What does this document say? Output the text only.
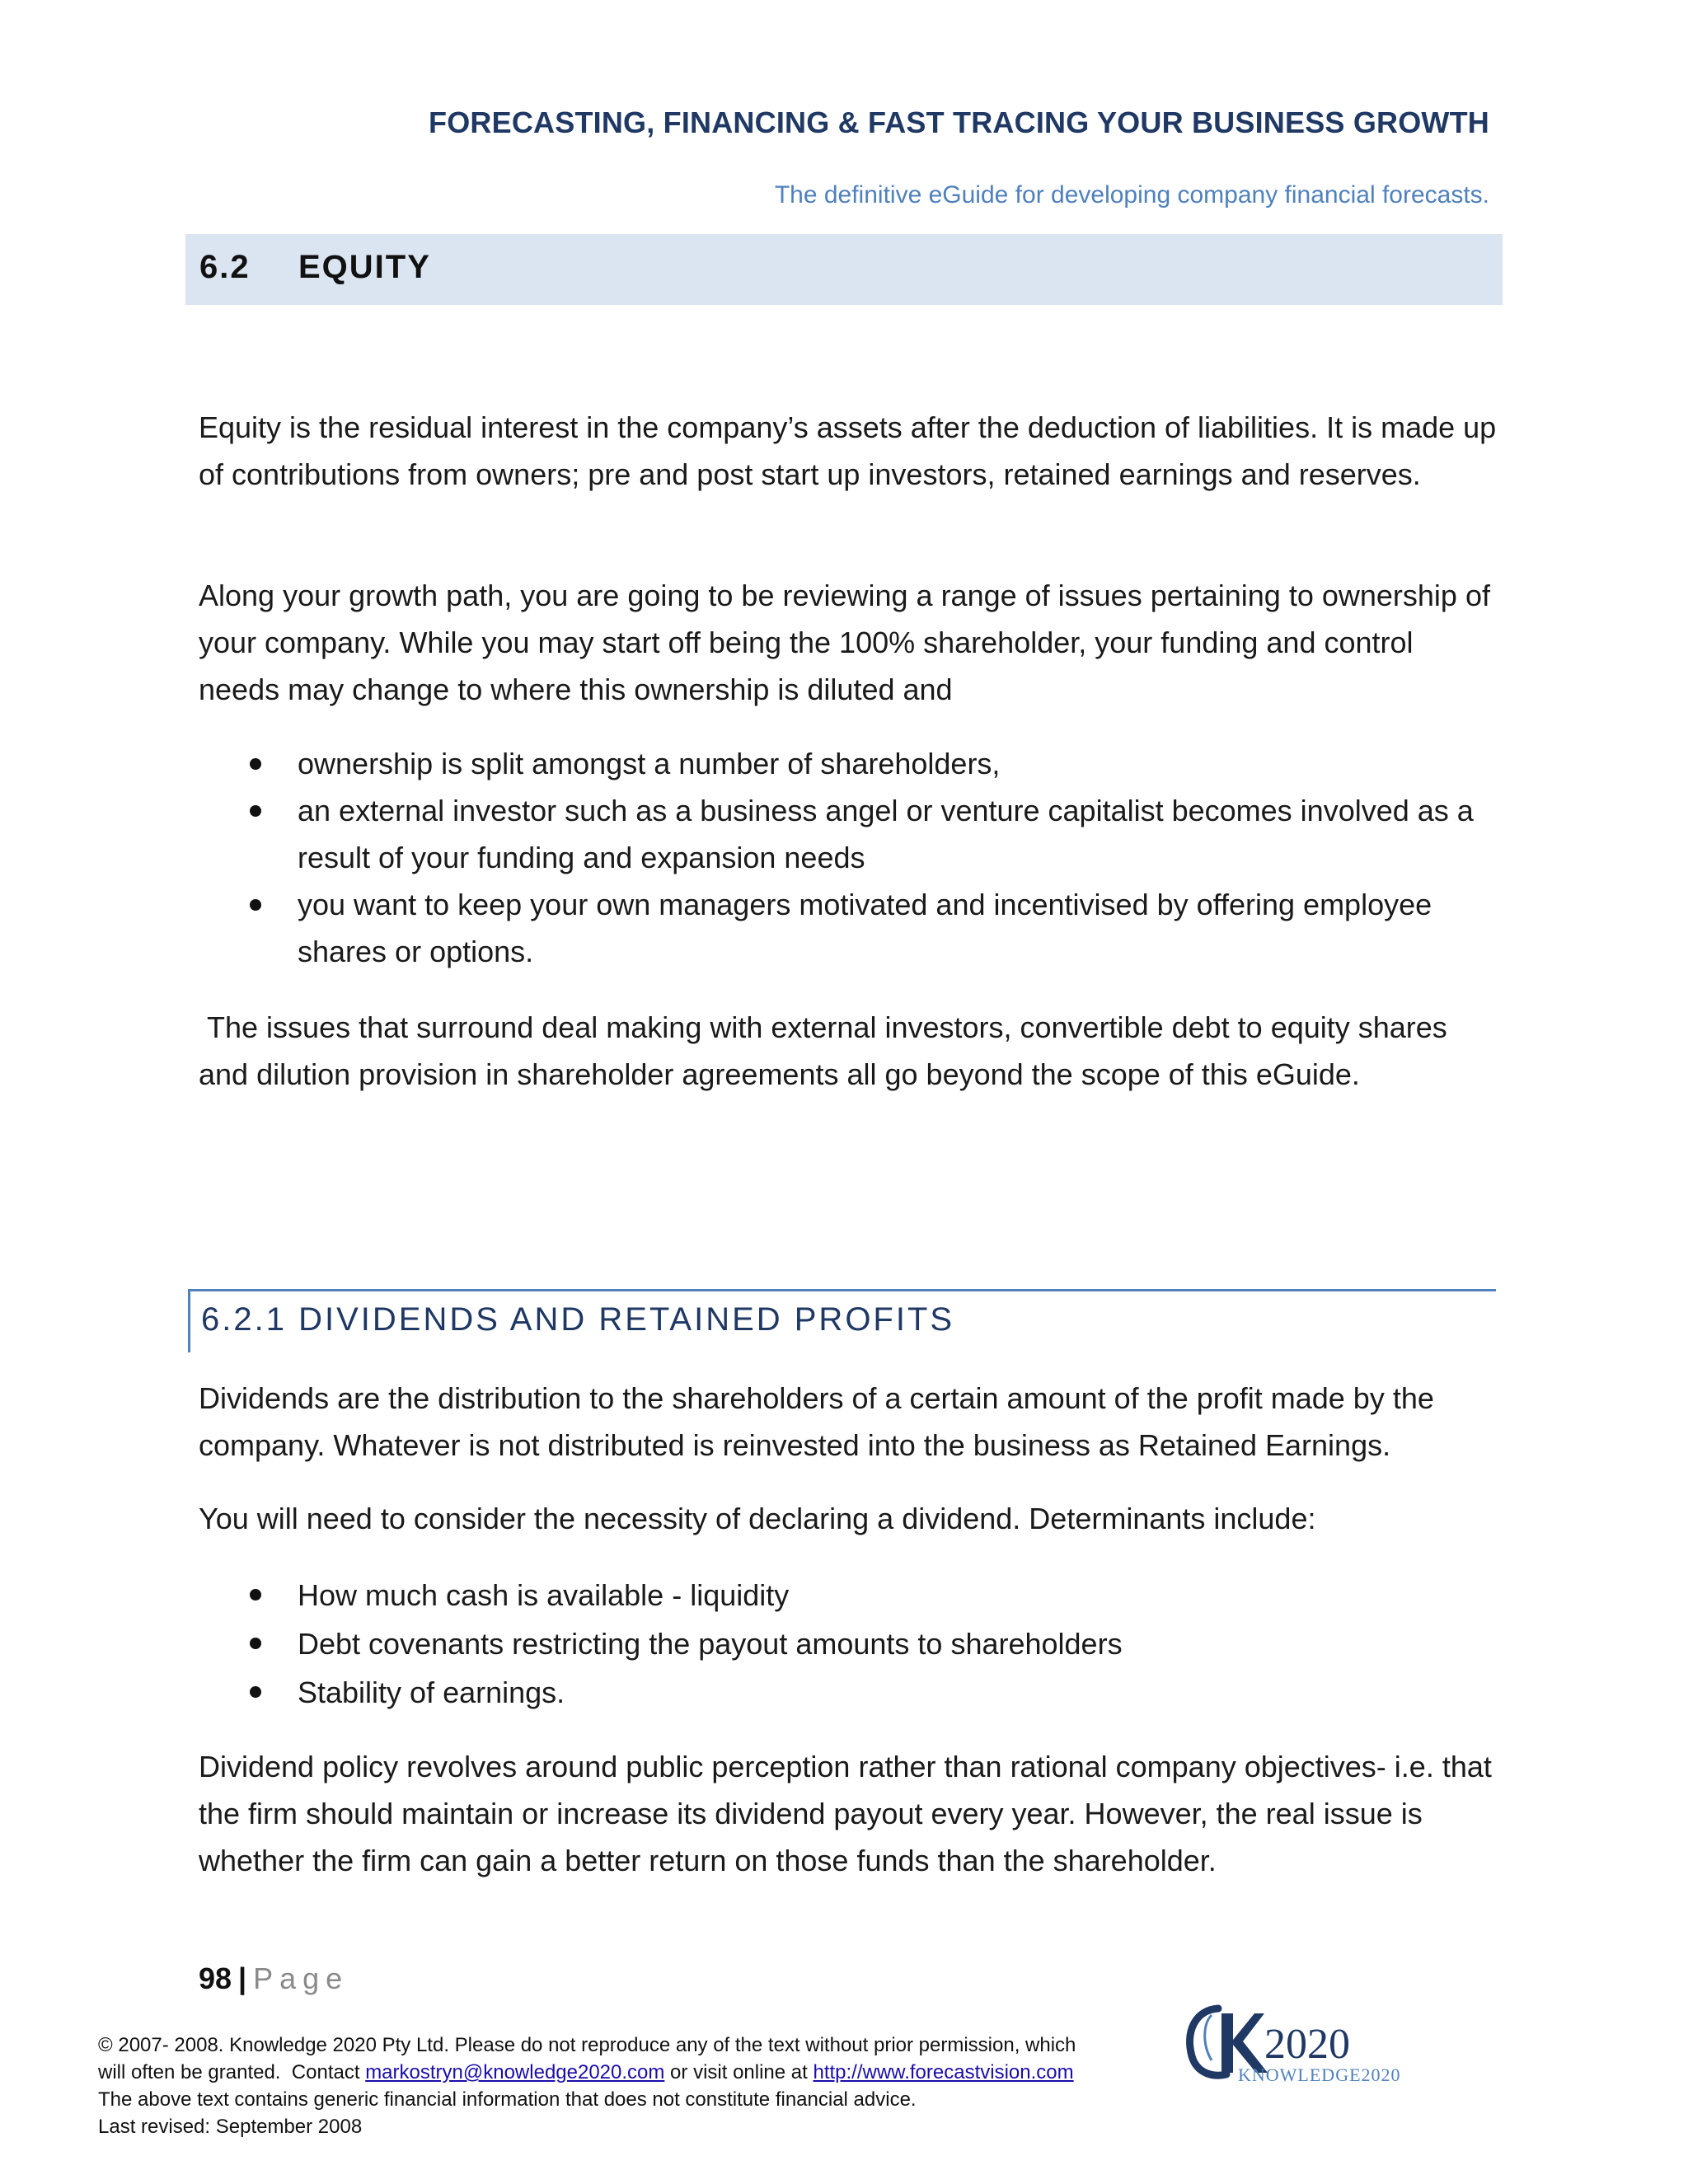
FORECASTING, FINANCING & FAST TRACING YOUR BUSINESS GROWTH
The definitive eGuide for developing company financial forecasts.
6.2 EQUITY

Equity is the residual interest in the company’s assets after the deduction of liabilities. It is made up of contributions from owners; pre and post start up investors, retained earnings and reserves.

Along your growth path, you are going to be reviewing a range of issues pertaining to ownership of your company. While you may start off being the 100% shareholder, your funding and control needs may change to where this ownership is diluted and

ownership is split amongst a number of shareholders,
an external investor such as a business angel or venture capitalist becomes involved as a result of your funding and expansion needs
you want to keep your own managers motivated and incentivised by offering employee shares or options.

The issues that surround deal making with external investors, convertible debt to equity shares and dilution provision in shareholder agreements all go beyond the scope of this eGuide.

6.2.1 DIVIDENDS AND RETAINED PROFITS

Dividends are the distribution to the shareholders of a certain amount of the profit made by the company. Whatever is not distributed is reinvested into the business as Retained Earnings.

You will need to consider the necessity of declaring a dividend. Determinants include:

How much cash is available - liquidity
Debt covenants restricting the payout amounts to shareholders
Stability of earnings.

Dividend policy revolves around public perception rather than rational company objectives- i.e. that the firm should maintain or increase its dividend payout every year. However, the real issue is whether the firm can gain a better return on those funds than the shareholder.

98 | Page
© 2007- 2008. Knowledge 2020 Pty Ltd. Please do not reproduce any of the text without prior permission, which
will often be granted.  Contact markostryn@knowledge2020.com or visit online at http://www.forecastvision.com
The above text contains generic financial information that does not constitute financial advice.
Last revised: September 2008
2020
KNOWLEDGE2020
